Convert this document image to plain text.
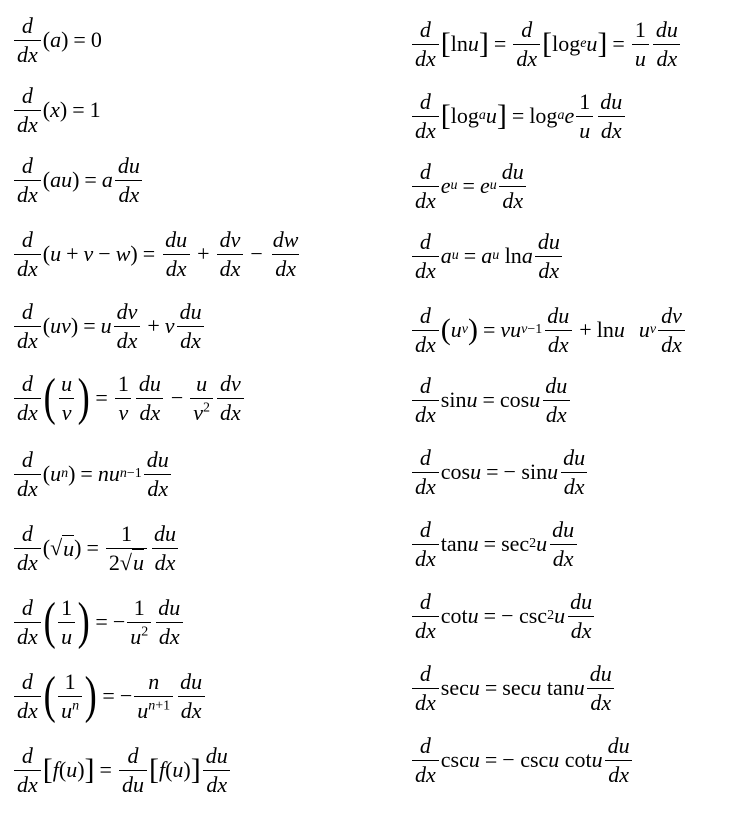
$\frac{d}{dx}$ ( a ) = 0
$\frac{d}{dx}$ ( x ) = 1
$\frac{d}{dx}$ ( au ) = a $\frac{du}{dx}$
$\frac{d}{dx}$ ( u + v − w ) = $\frac{du}{dx} + \frac{dv}{dx} - \frac{dw}{dx}$
$\frac{d}{dx}$ ( uv ) = u $\frac{dv}{dx} + v \frac{du}{dx}$
$\frac{d}{dx}$ ( $\frac{u}{v}$ ) = $\frac{1}{v} \frac{du}{dx} - \frac{u}{v^2} \frac{dv}{dx}$
$\frac{d}{dx}$ ( u n ) = nu $n-1 \frac{du}{dx}$
$\frac{d}{dx}$ (√ u ) = $\frac{1}{2√u} \frac{du}{dx}$
$\frac{d}{dx}$ ( $\frac{1}{u}$ ) = − $\frac{1}{u^2} \frac{du}{dx}$
$\frac{d}{dx}$ ( $\frac{1}{u^n}$ ) = − $\frac{n}{u^{n+1}} \frac{du}{dx}$
$\frac{d}{dx}$ [ f ( u ) ] = $\frac{d}{du}$ [ f ( u ) ] $\frac{du}{dx}$
$\frac{d}{dx}$ [ ln u ] = $\frac{d}{dx}$ [ log e u ] = $\frac{1}{u} \frac{du}{dx}$
$\frac{d}{dx}$ [ log a u ] = log a e $\frac{1}{u} \frac{du}{dx}$
$\frac{d}{dx}$ e u = e u $\frac{du}{dx}$
$\frac{d}{dx}$ a u = a u ln a $\frac{du}{dx}$
$\frac{d}{dx}$ ( u v ) = vu $v-1 \frac{du}{dx} + \ln u$ u v $\frac{dv}{dx}$
$\frac{d}{dx}$ sin u = cos u $\frac{du}{dx}$
$\frac{d}{dx}$ cos u = − sin u $\frac{du}{dx}$
$\frac{d}{dx}$ tan u = sec 2 u $\frac{du}{dx}$
$\frac{d}{dx}$ cot u = − csc 2 u $\frac{du}{dx}$
$\frac{d}{dx}$ sec u = sec u tan u $\frac{du}{dx}$
$\frac{d}{dx}$ csc u = − csc u cot u $\frac{du}{dx}$
